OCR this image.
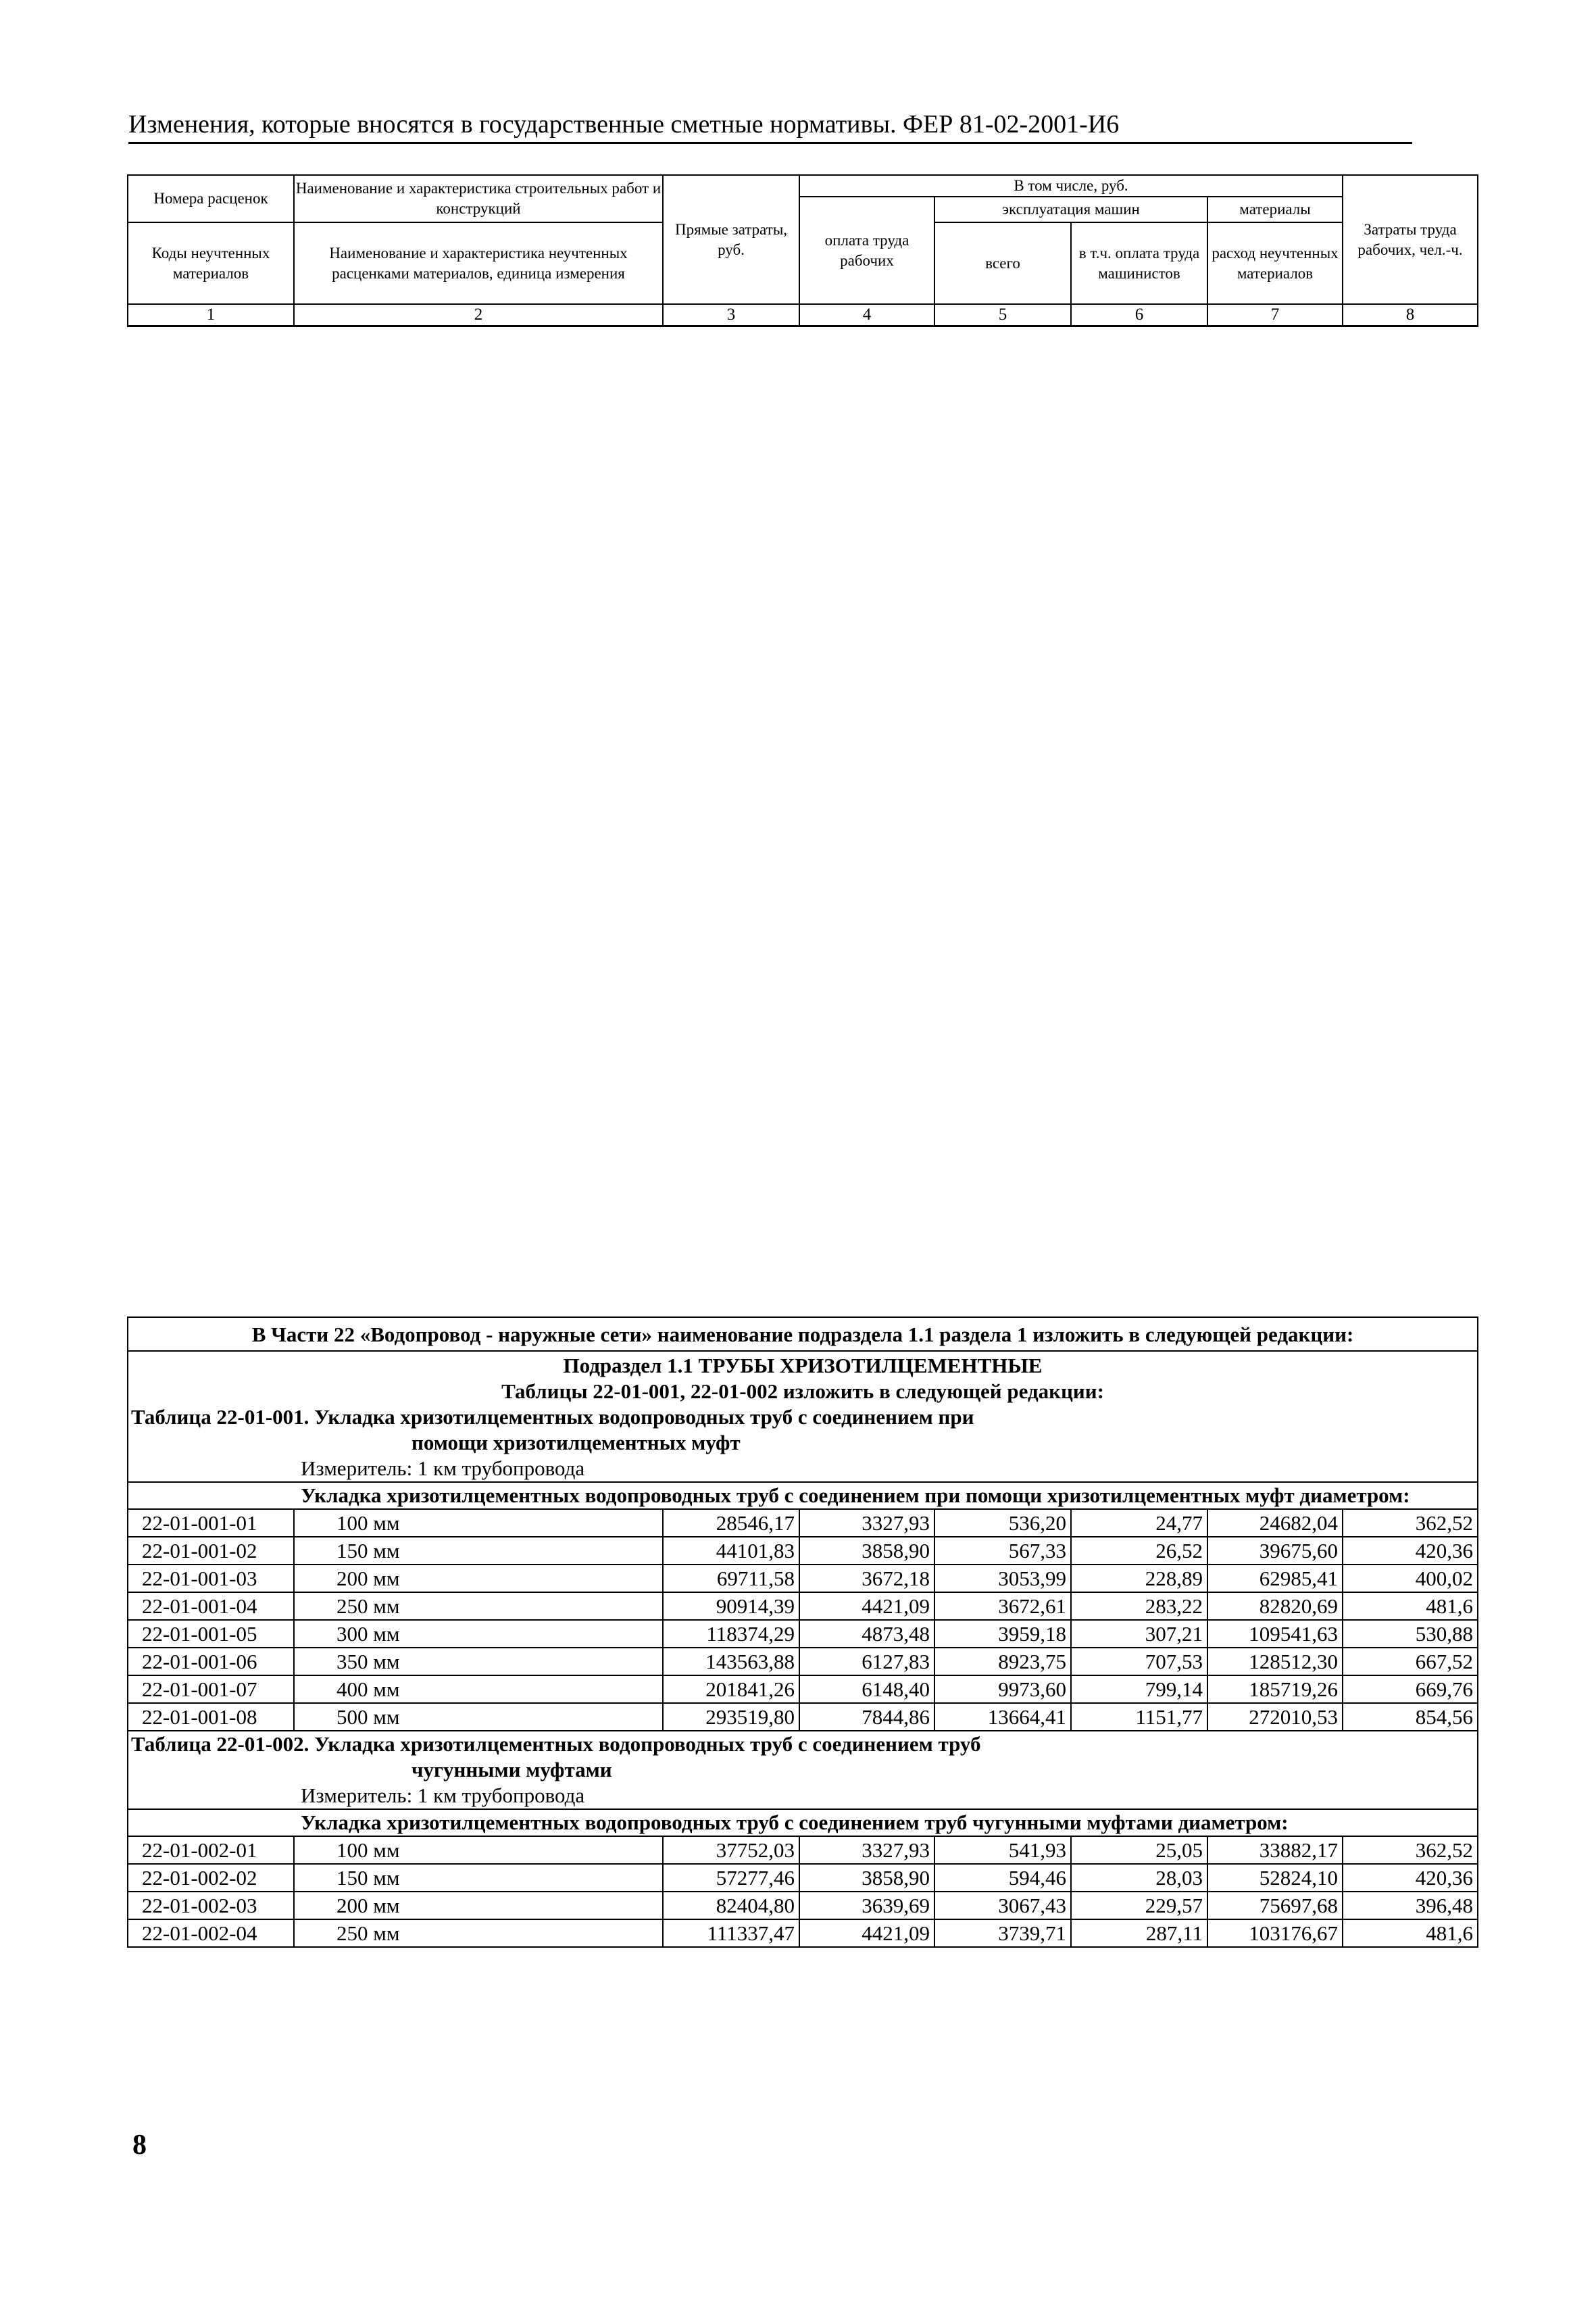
Изменения, которые вносятся в государственные сметные нормативы. ФЕР 81-02-2001-И6
Номера расценок	Наименование и характеристика строительных работ и конструкций	Прямые затраты, руб.	В том числе, руб.				Затраты труда рабочих, чел.-ч.
			оплата труда рабочих	эксплуатация машин		материалы	
Коды неучтенных материалов	Наименование и характеристика неучтенных расценками материалов, единица измерения			всего	в т.ч. оплата труда машинистов	расход неучтенных материалов	

1	2	3	4	5	6	7	8
В Части 22 «Водопровод - наружные сети» наименование подраздела 1.1 раздела 1 изложить в следующей редакции:							
Подраздел 1.1 ТРУБЫ ХРИЗОТИЛЦЕМЕНТНЫЕ							
Таблицы 22-01-001, 22-01-002 изложить в следующей редакции:							
Таблица 22-01-001. Укладка хризотилцементных водопроводных труб с соединением при
помощи хризотилцементных муфт							

Измеритель: 1 км трубопровода							
Укладка хризотилцементных водопроводных труб с соединением при помощи хризотилцементных муфт диаметром:							
22-01-001-01	100 мм	28546,17	3327,93	536,20	24,77	24682,04	362,52
22-01-001-02	150 мм	44101,83	3858,90	567,33	26,52	39675,60	420,36
22-01-001-03	200 мм	69711,58	3672,18	3053,99	228,89	62985,41	400,02
22-01-001-04	250 мм	90914,39	4421,09	3672,61	283,22	82820,69	481,6
22-01-001-05	300 мм	118374,29	4873,48	3959,18	307,21	109541,63	530,88
22-01-001-06	350 мм	143563,88	6127,83	8923,75	707,53	128512,30	667,52
22-01-001-07	400 мм	201841,26	6148,40	9973,60	799,14	185719,26	669,76
22-01-001-08	500 мм	293519,80	7844,86	13664,41	1151,77	272010,53	854,56
Таблица 22-01-002. Укладка хризотилцементных водопроводных труб с соединением труб
чугунными муфтами							

Измеритель: 1 км трубопровода							
Укладка хризотилцементных водопроводных труб с соединением труб чугунными муфтами диаметром:							
22-01-002-01	100 мм	37752,03	3327,93	541,93	25,05	33882,17	362,52
22-01-002-02	150 мм	57277,46	3858,90	594,46	28,03	52824,10	420,36
22-01-002-03	200 мм	82404,80	3639,69	3067,43	229,57	75697,68	396,48
22-01-002-04	250 мм	111337,47	4421,09	3739,71	287,11	103176,67	481,6
8
